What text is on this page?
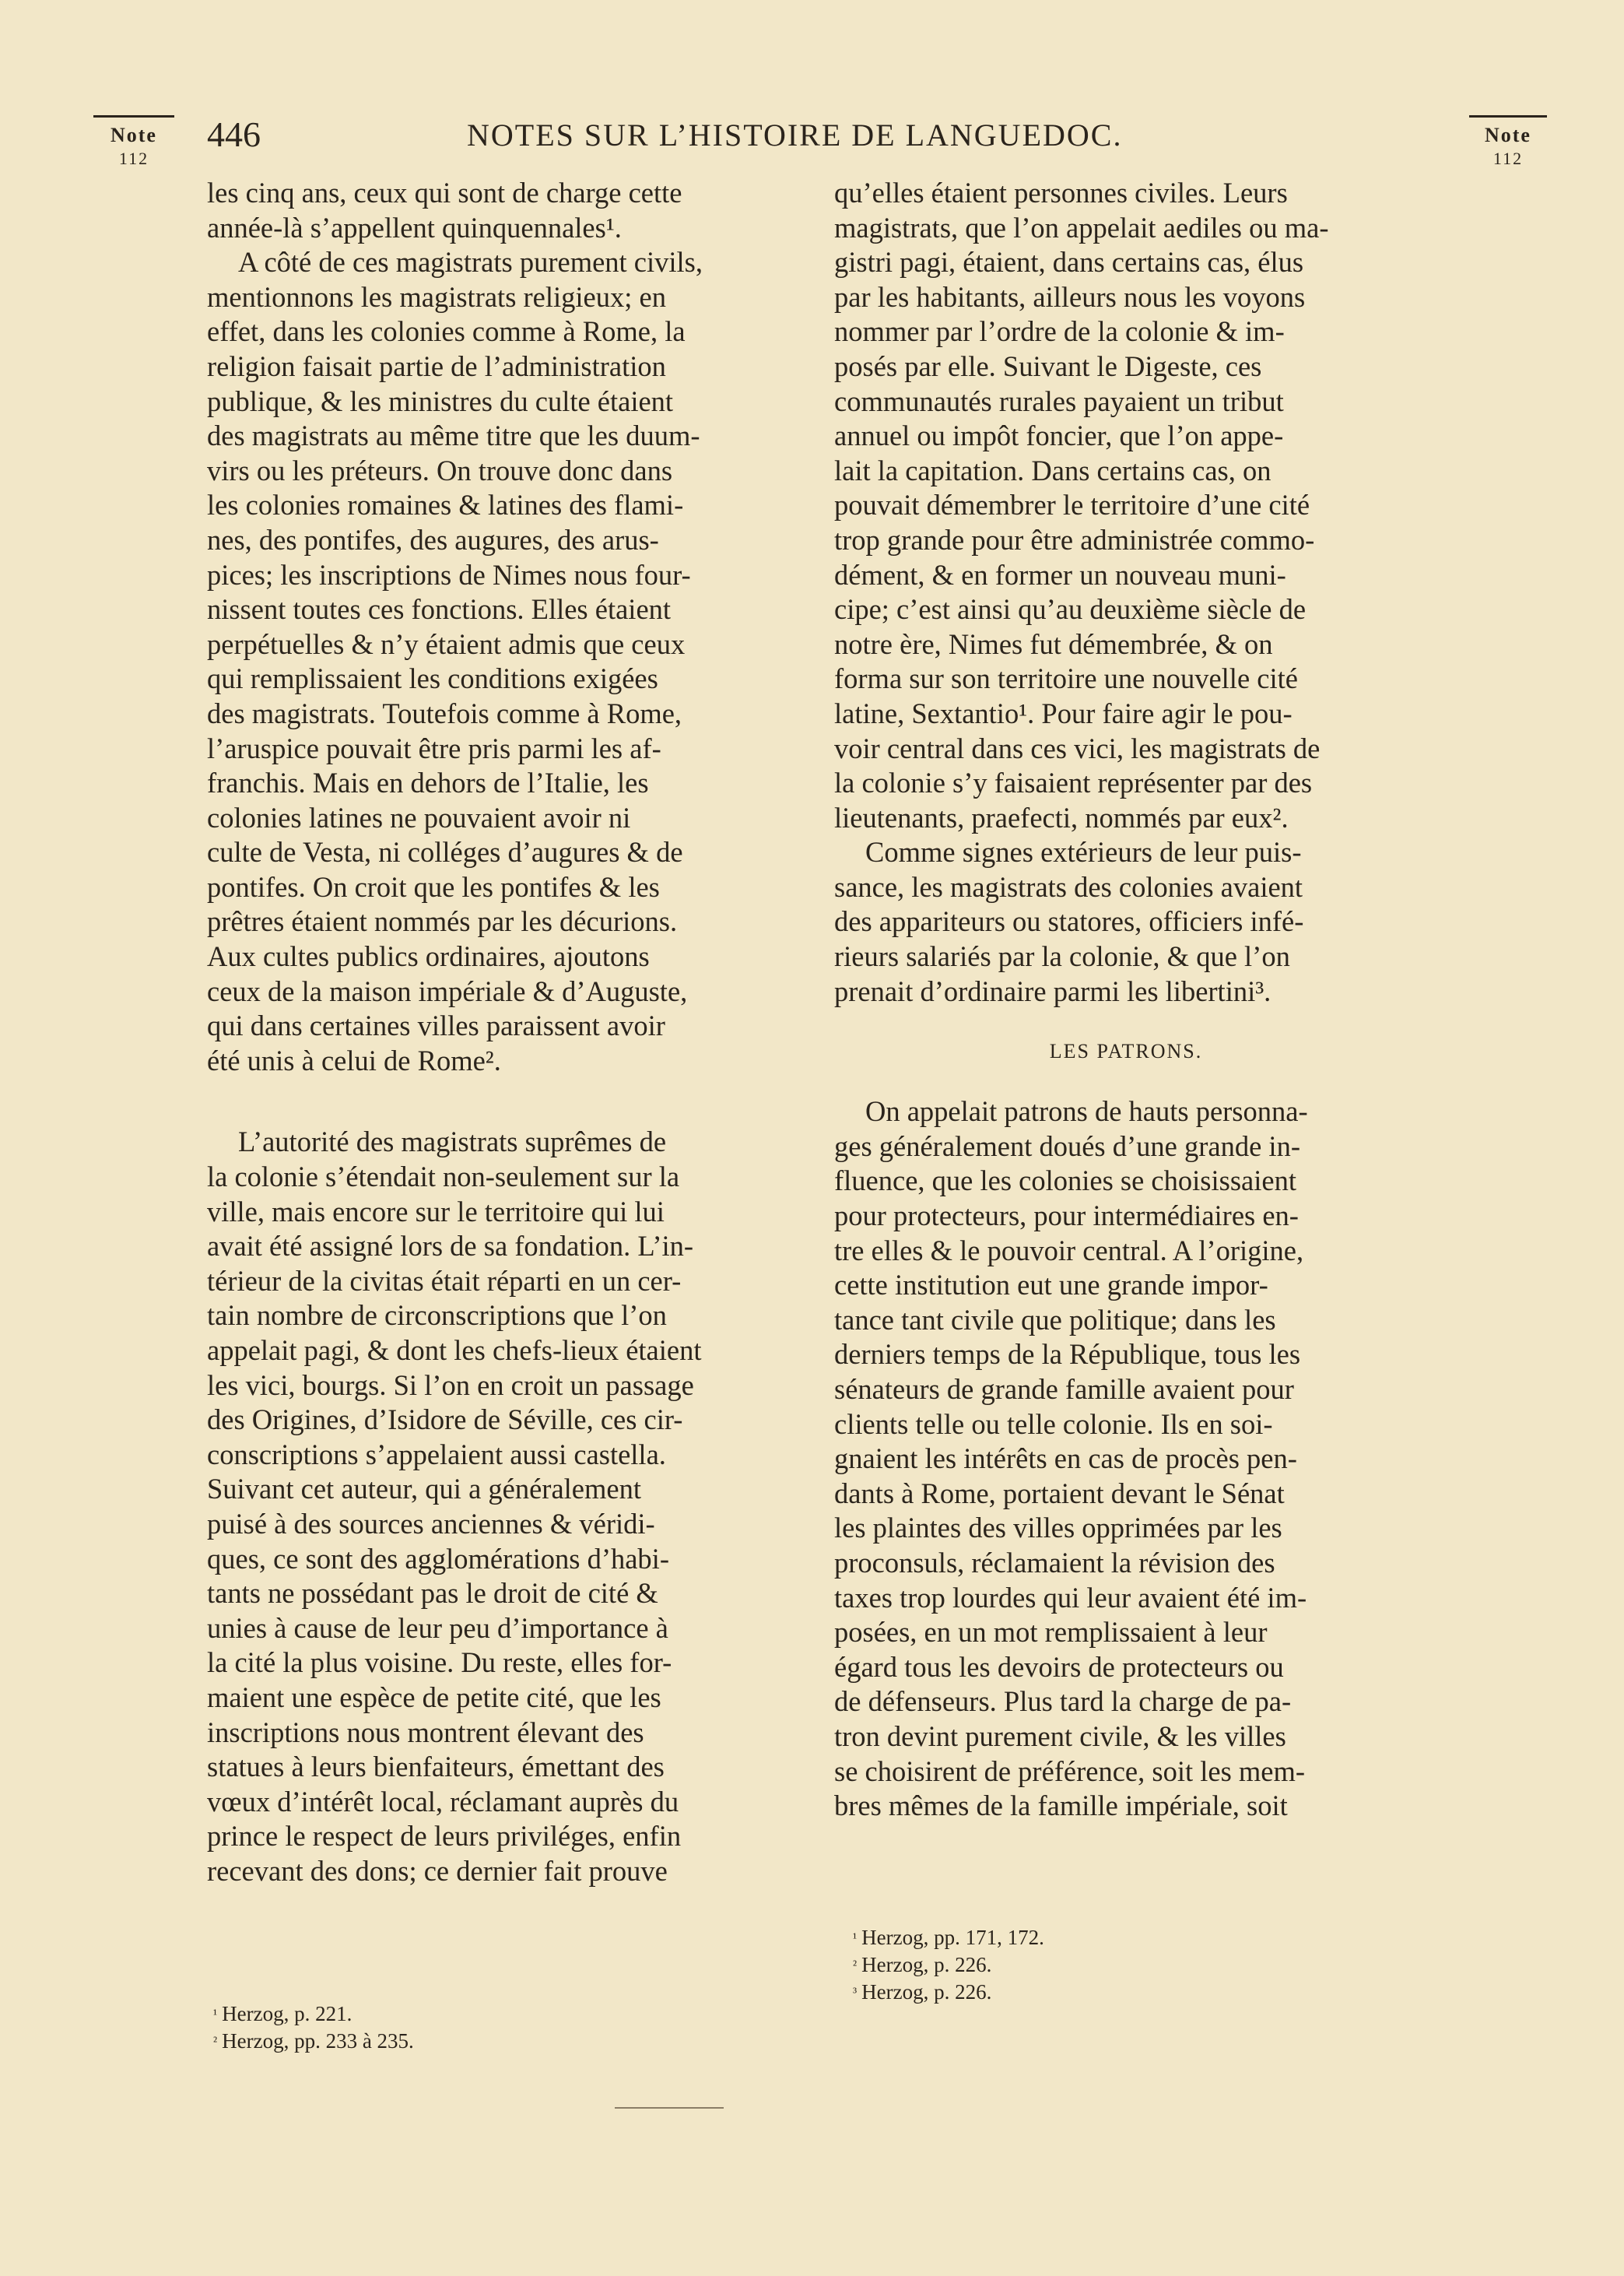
Note
112
446	NOTES SUR L’HISTOIRE DE LANGUEDOC.	Note
112

les cinq ans, ceux qui sont de charge cette
année-là s’appellent quinquennales¹.

A côté de ces magistrats purement civils,
mentionnons les magistrats religieux; en
effet, dans les colonies comme à Rome, la
religion faisait partie de l’administration
publique, & les ministres du culte étaient
des magistrats au même titre que les duum-
virs ou les préteurs. On trouve donc dans
les colonies romaines & latines des flami-
nes, des pontifes, des augures, des arus-
pices; les inscriptions de Nimes nous four-
nissent toutes ces fonctions. Elles étaient
perpétuelles & n’y étaient admis que ceux
qui remplissaient les conditions exigées
des magistrats. Toutefois comme à Rome,
l’aruspice pouvait être pris parmi les af-
franchis. Mais en dehors de l’Italie, les
colonies latines ne pouvaient avoir ni
culte de Vesta, ni colléges d’augures & de
pontifes. On croit que les pontifes & les
prêtres étaient nommés par les décurions.
Aux cultes publics ordinaires, ajoutons
ceux de la maison impériale & d’Auguste,
qui dans certaines villes paraissent avoir
été unis à celui de Rome².

L’autorité des magistrats suprêmes de
la colonie s’étendait non-seulement sur la
ville, mais encore sur le territoire qui lui
avait été assigné lors de sa fondation. L’in-
térieur de la civitas était réparti en un cer-
tain nombre de circonscriptions que l’on
appelait pagi, & dont les chefs-lieux étaient
les vici, bourgs. Si l’on en croit un passage
des Origines, d’Isidore de Séville, ces cir-
conscriptions s’appelaient aussi castella.
Suivant cet auteur, qui a généralement
puisé à des sources anciennes & véridi-
ques, ce sont des agglomérations d’habi-
tants ne possédant pas le droit de cité &
unies à cause de leur peu d’importance à
la cité la plus voisine. Du reste, elles for-
maient une espèce de petite cité, que les
inscriptions nous montrent élevant des
statues à leurs bienfaiteurs, émettant des
vœux d’intérêt local, réclamant auprès du
prince le respect de leurs priviléges, enfin
recevant des dons; ce dernier fait prouve

qu’elles étaient personnes civiles. Leurs
magistrats, que l’on appelait aediles ou ma-
gistri pagi, étaient, dans certains cas, élus
par les habitants, ailleurs nous les voyons
nommer par l’ordre de la colonie & im-
posés par elle. Suivant le Digeste, ces
communautés rurales payaient un tribut
annuel ou impôt foncier, que l’on appe-
lait la capitation. Dans certains cas, on
pouvait démembrer le territoire d’une cité
trop grande pour être administrée commo-
dément, & en former un nouveau muni-
cipe; c’est ainsi qu’au deuxième siècle de
notre ère, Nimes fut démembrée, & on
forma sur son territoire une nouvelle cité
latine, Sextantio¹. Pour faire agir le pou-
voir central dans ces vici, les magistrats de
la colonie s’y faisaient représenter par des
lieutenants, praefecti, nommés par eux².

Comme signes extérieurs de leur puis-
sance, les magistrats des colonies avaient
des appariteurs ou statores, officiers infé-
rieurs salariés par la colonie, & que l’on
prenait d’ordinaire parmi les libertini³.

LES PATRONS.

On appelait patrons de hauts personna-
ges généralement doués d’une grande in-
fluence, que les colonies se choisissaient
pour protecteurs, pour intermédiaires en-
tre elles & le pouvoir central. A l’origine,
cette institution eut une grande impor-
tance tant civile que politique; dans les
derniers temps de la République, tous les
sénateurs de grande famille avaient pour
clients telle ou telle colonie. Ils en soi-
gnaient les intérêts en cas de procès pen-
dants à Rome, portaient devant le Sénat
les plaintes des villes opprimées par les
proconsuls, réclamaient la révision des
taxes trop lourdes qui leur avaient été im-
posées, en un mot remplissaient à leur
égard tous les devoirs de protecteurs ou
de défenseurs. Plus tard la charge de pa-
tron devint purement civile, & les villes
se choisirent de préférence, soit les mem-
bres mêmes de la famille impériale, soit

$^{^1}$ Herzog, p. 221.
$^{^2}$ Herzog, pp. 233 à 235.
$^{^1}$ Herzog, pp. 171, 172.
$^{^2}$ Herzog, p. 226.
$^{^3}$ Herzog, p. 226.
